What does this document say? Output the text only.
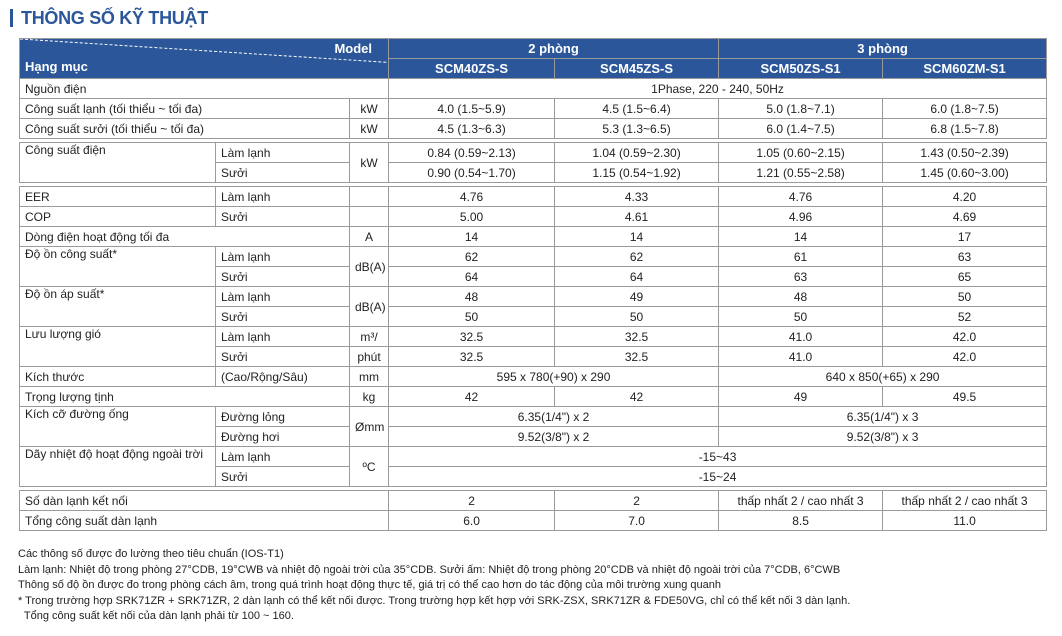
THÔNG SỐ KỸ THUẬT
Model
Hạng mục			2 phòng		3 phòng	
			SCM40ZS-S	SCM45ZS-S	SCM50ZS-S1	SCM60ZM-S1
Nguồn điện			1Phase, 220 - 240, 50Hz			
Công suất lạnh (tối thiểu ~ tối đa)		kW	4.0 (1.5~5.9)	4.5 (1.5~6.4)	5.0 (1.8~7.1)	6.0 (1.8~7.5)
Công suất sưởi (tối thiểu ~ tối đa)		kW	4.5 (1.3~6.3)	5.3 (1.3~6.5)	6.0 (1.4~7.5)	6.8 (1.5~7.8)

Công suất điện	Làm lạnh	kW	0.84 (0.59~2.13)	1.04 (0.59~2.30)	1.05 (0.60~2.15)	1.43 (0.50~2.39)
	Sưởi		0.90 (0.54~1.70)	1.15 (0.54~1.92)	1.21 (0.55~2.58)	1.45 (0.60~3.00)

EER	Làm lạnh		4.76	4.33	4.76	4.20
COP	Sưởi		5.00	4.61	4.96	4.69
Dòng điện hoạt động tối đa		A	14	14	14	17
Độ ồn công suất*	Làm lạnh	dB(A)	62	62	61	63
	Sưởi		64	64	63	65
Độ ồn áp suất*	Làm lạnh	dB(A)	48	49	48	50
	Sưởi		50	50	50	52
Lưu lượng gió	Làm lạnh	m³/	32.5	32.5	41.0	42.0
	Sưởi	phút	32.5	32.5	41.0	42.0
Kích thước	(Cao/Rộng/Sâu)	mm	595 x 780(+90) x 290		640 x 850(+65) x 290	
Trọng lượng tịnh		kg	42	42	49	49.5
Kích cỡ đường ống	Đường lỏng	Ømm	6.35(1/4") x 2		6.35(1/4") x 3	
	Đường hơi		9.52(3/8") x 2		9.52(3/8") x 3	
Dãy nhiệt độ hoạt động ngoài trời	Làm lạnh	ºC	-15~43			
	Sưởi		-15~24			

Số dàn lạnh kết nối			2	2	thấp nhất 2 / cao nhất 3	thấp nhất 2 / cao nhất 3
Tổng công suất dàn lạnh			6.0	7.0	8.5	11.0
Các thông số được đo lường theo tiêu chuẩn (IOS-T1)
Làm lạnh: Nhiệt độ trong phòng 27°CDB, 19°CWB và nhiệt độ ngoài trời của 35°CDB. Sưởi ấm: Nhiệt độ trong phòng 20°CDB và nhiệt độ ngoài trời của 7°CDB, 6°CWB
Thông số độ ồn được đo trong phòng cách âm, trong quá trình hoạt động thực tế, giá trị có thể cao hơn do tác động của môi trường xung quanh
* Trong trường hợp SRK71ZR + SRK71ZR, 2 dàn lạnh có thể kết nối được. Trong trường hợp kết hợp với SRK-ZSX, SRK71ZR & FDE50VG, chỉ có thể kết nối 3 dàn lạnh.
Tổng công suất kết nối của dàn lạnh phải từ 100 ~ 160.
